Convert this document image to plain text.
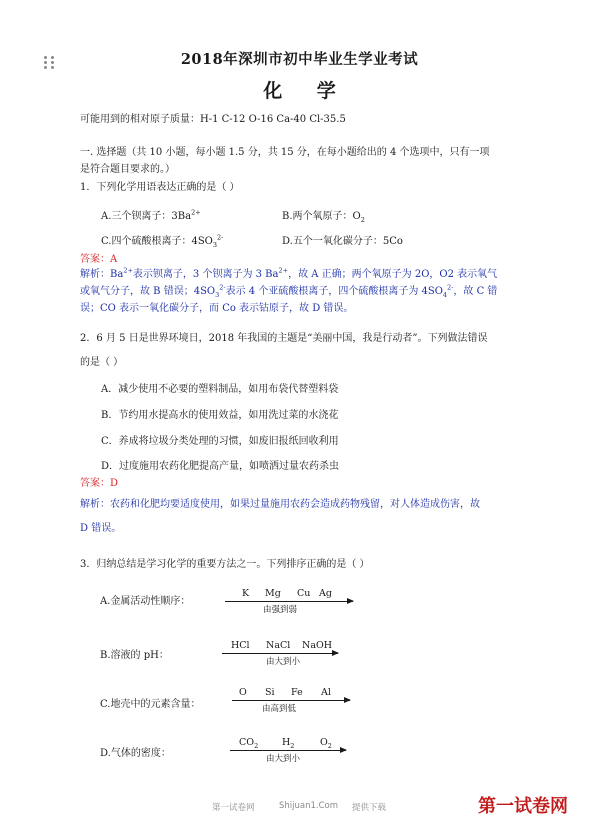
2018年深圳市初中毕业生学业考试
化 学
可能用到的相对原子质量：H-1 C-12 O-16 Ca-40 Cl-35.5
一. 选择题（共 10 小题，每小题 1.5 分，共 15 分，在每小题给出的 4 个选项中，只有一项
是符合题目要求的。）
1．下列化学用语表达正确的是（ ）
A.三个钡离子：$3Ba^{2+}$	B.两个氧原子：$O_2$
C.四个硫酸根离子：$4SO_3^{2-}$	D.五个一氧化碳分子：5Co
答案：A
解析：$Ba^{2+}$表示钡离子，3 个钡离子为 3 $Ba^{2+}$，故 A 正确；两个氧原子为 2O，O2 表示氧气
或氧气分子，故 B 错误；$4SO_3^{2-}$表示 4 个亚硫酸根离子，四个硫酸根离子为 $4SO_4^{2-}$，故 C 错
误；CO 表示一氧化碳分子，而 Co 表示钴原子，故 D 错误。
2．6 月 5 日是世界环境日，2018 年我国的主题是“美丽中国，我是行动者”。下列做法错误
的是（ ）
A．减少使用不必要的塑料制品，如用布袋代替塑料袋
B．节约用水提高水的使用效益，如用洗过菜的水浇花
C．养成将垃圾分类处理的习惯，如废旧报纸回收利用
D．过度施用农药化肥提高产量，如喷洒过量农药杀虫
答案：D
解析：农药和化肥均要适度使用，如果过量施用农药会造成药物残留，对人体造成伤害，故
D 错误。
3．归纳总结是学习化学的重要方法之一。下列排序正确的是（ ）
A.金属活动性顺序：
K Mg Cu Ag
由强到弱
B.溶液的 pH：
HCl NaCl NaOH
由大到小
C.地壳中的元素含量：
O Si Fe Al
由高到低
D.气体的密度：
$CO_2$	$H_2$	$O_2$
由大到小
第一试卷网	Shijuan1.Com 提供下载	第一试卷网
